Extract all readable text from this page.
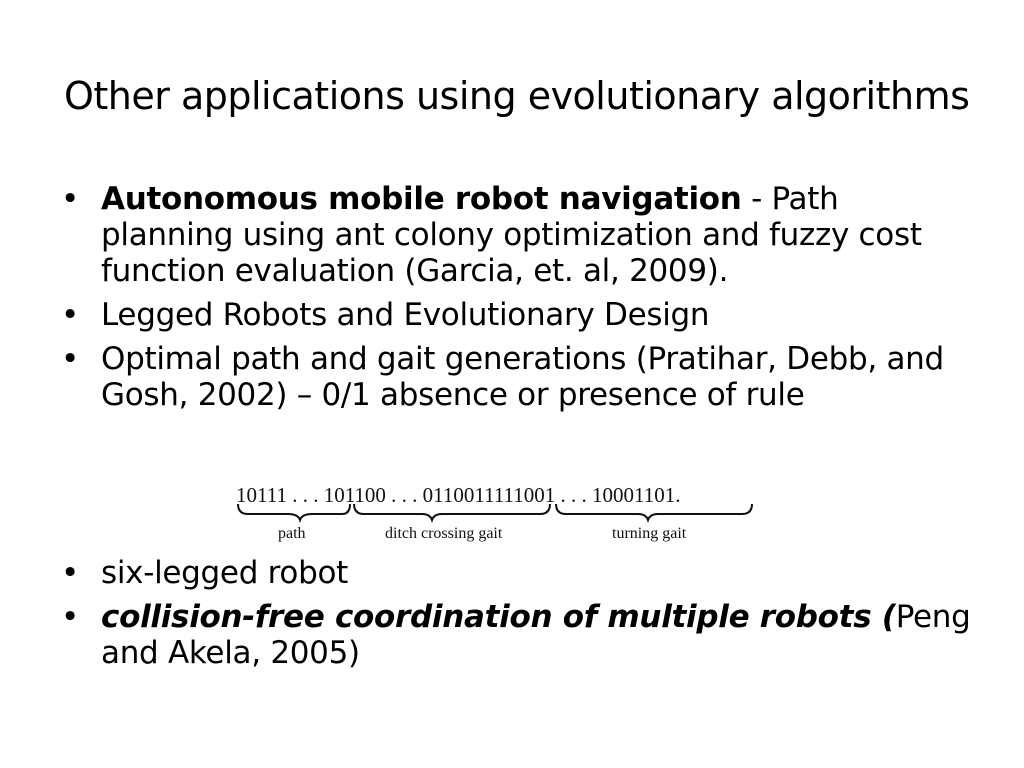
Other applications using evolutionary algorithms
• Autonomous mobile robot navigation - Path planning using ant colony optimization and fuzzy cost function evaluation (Garcia, et. al, 2009).
• Legged Robots and Evolutionary Design
• Optimal path and gait generations (Pratihar, Debb, and Gosh, 2002) – 0/1 absence or presence of rule
10111 . . . 101100 . . . 0110011111001 . . . 10001101.
path	ditch crossing gait	turning gait
• six-legged robot
• collision-free coordination of multiple robots (Peng and Akela, 2005)
